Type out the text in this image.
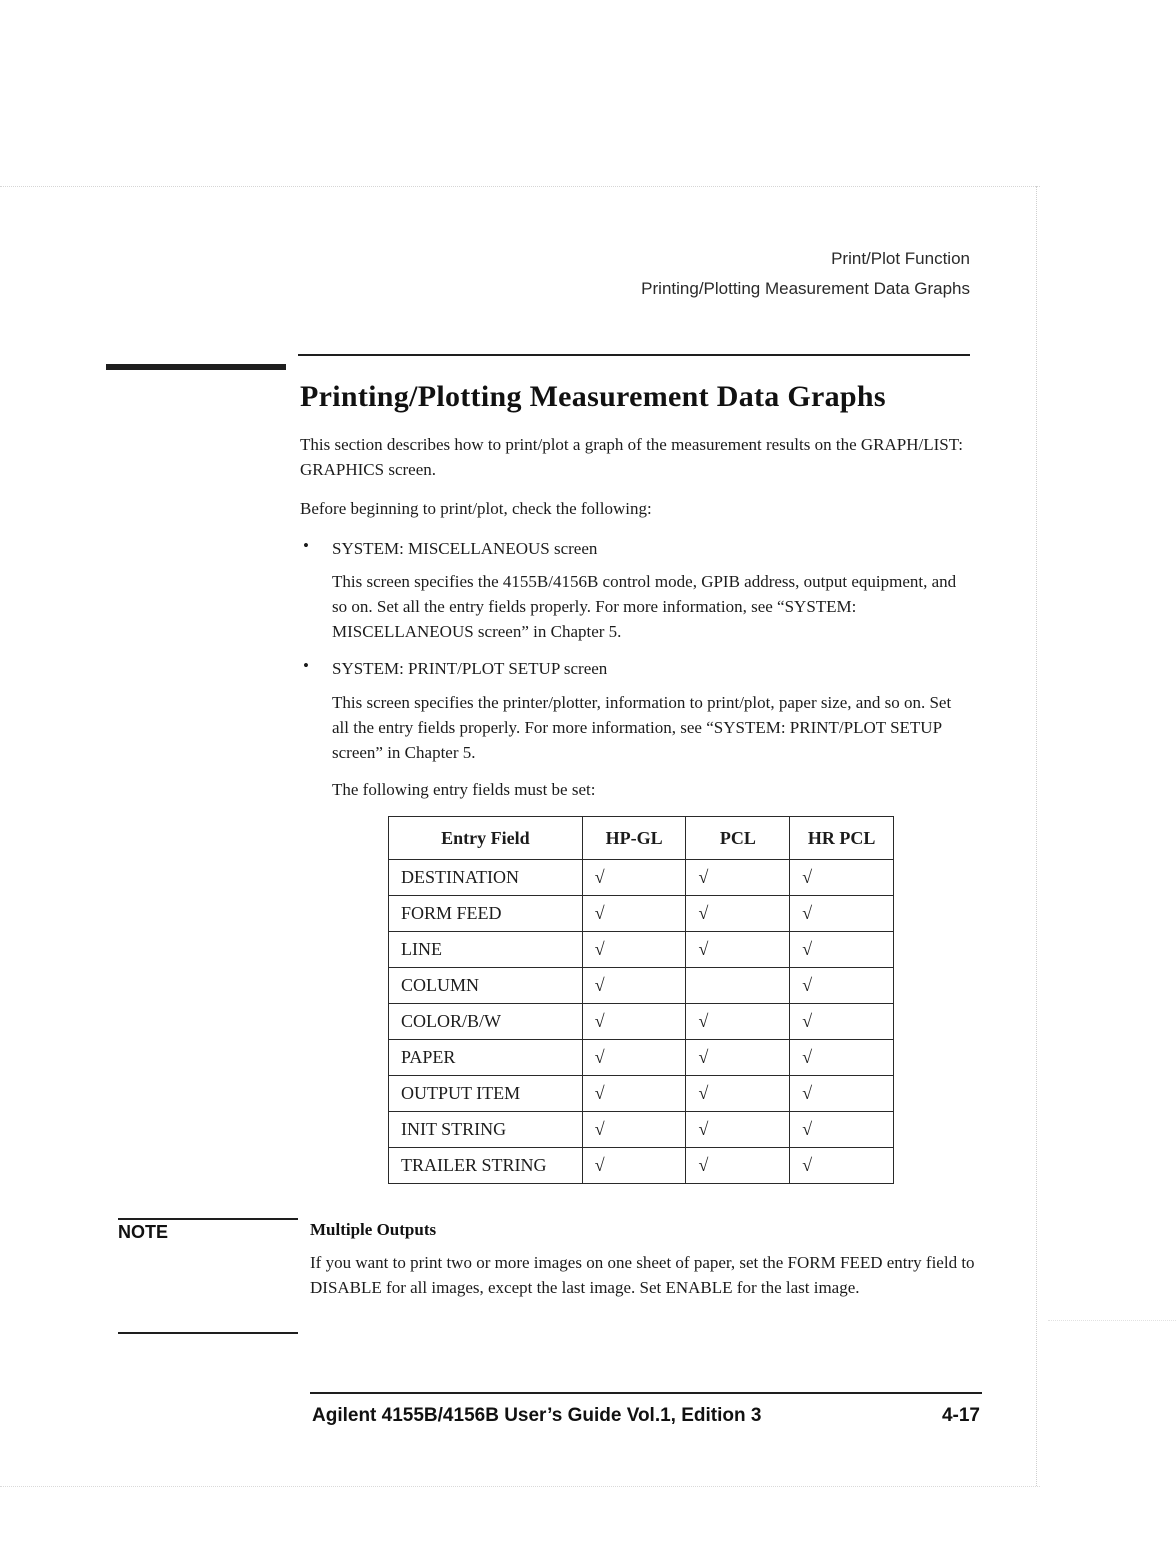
Print/Plot Function
Printing/Plotting Measurement Data Graphs
Printing/Plotting Measurement Data Graphs

This section describes how to print/plot a graph of the measurement results on the GRAPH/LIST: GRAPHICS screen.

Before beginning to print/plot, check the following:

• SYSTEM: MISCELLANEOUS screen

This screen specifies the 4155B/4156B control mode, GPIB address, output equipment, and so on. Set all the entry fields properly. For more information, see “SYSTEM: MISCELLANEOUS screen” in Chapter 5.

• SYSTEM: PRINT/PLOT SETUP screen

This screen specifies the printer/plotter, information to print/plot, paper size, and so on. Set all the entry fields properly. For more information, see “SYSTEM: PRINT/PLOT SETUP screen” in Chapter 5.

The following entry fields must be set:

Entry Field	HP-GL	PCL	HR PCL
DESTINATION	√	√	√
FORM FEED	√	√	√
LINE	√	√	√
COLUMN	√		√
COLOR/B/W	√	√	√
PAPER	√	√	√
OUTPUT ITEM	√	√	√
INIT STRING	√	√	√
TRAILER STRING	√	√	√
NOTE	Multiple Outputs

If you want to print two or more images on one sheet of paper, set the FORM FEED entry field to DISABLE for all images, except the last image. Set ENABLE for the last image.

Agilent 4155B/4156B User’s Guide Vol.1, Edition 3	4-17
